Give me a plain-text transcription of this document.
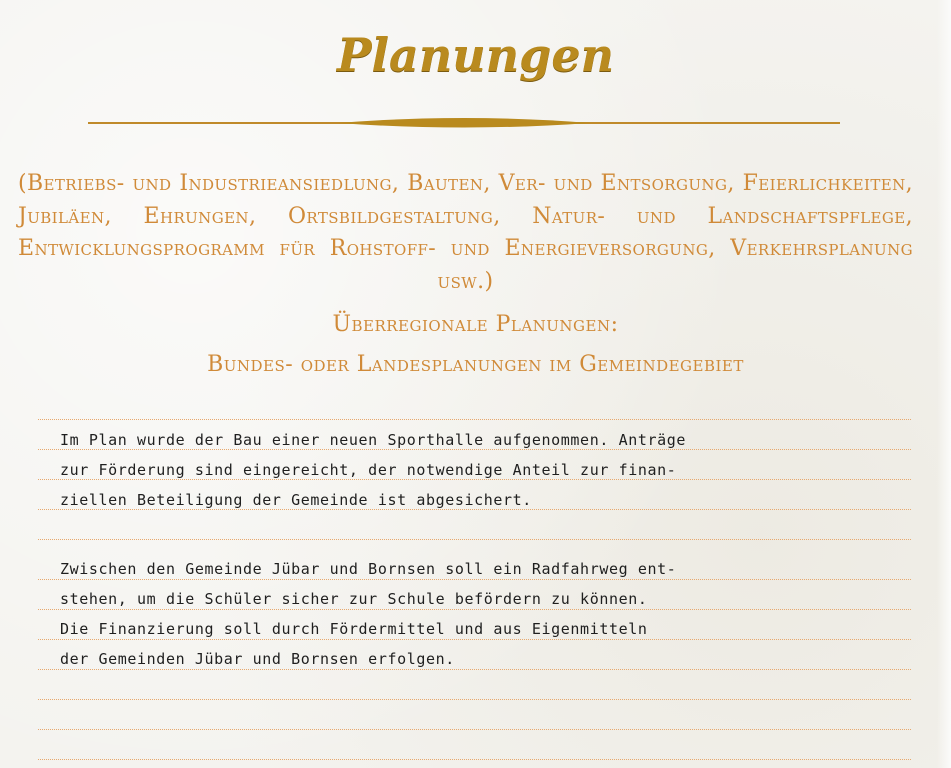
Planungen
(Betriebs- und Industrieansiedlung, Bauten, Ver- und Entsorgung, Feierlichkeiten, Jubiläen, Ehrungen, Ortsbildgestaltung, Natur- und Landschaftspflege, Entwicklungsprogramm für Rohstoff- und Energieversorgung, Verkehrsplanung usw.)
Überregionale Planungen:
Bundes- oder Landesplanungen im Gemeindegebiet
Im Plan wurde der Bau einer neuen Sporthalle aufgenommen. Anträge
zur Förderung sind eingereicht, der notwendige Anteil zur finan-
ziellen Beteiligung der Gemeinde ist abgesichert.
Zwischen den Gemeinde Jübar und Bornsen soll ein Radfahrweg ent-
stehen, um die Schüler sicher zur Schule befördern zu können.
Die Finanzierung soll durch Fördermittel und aus Eigenmitteln
der Gemeinden Jübar und Bornsen erfolgen.
